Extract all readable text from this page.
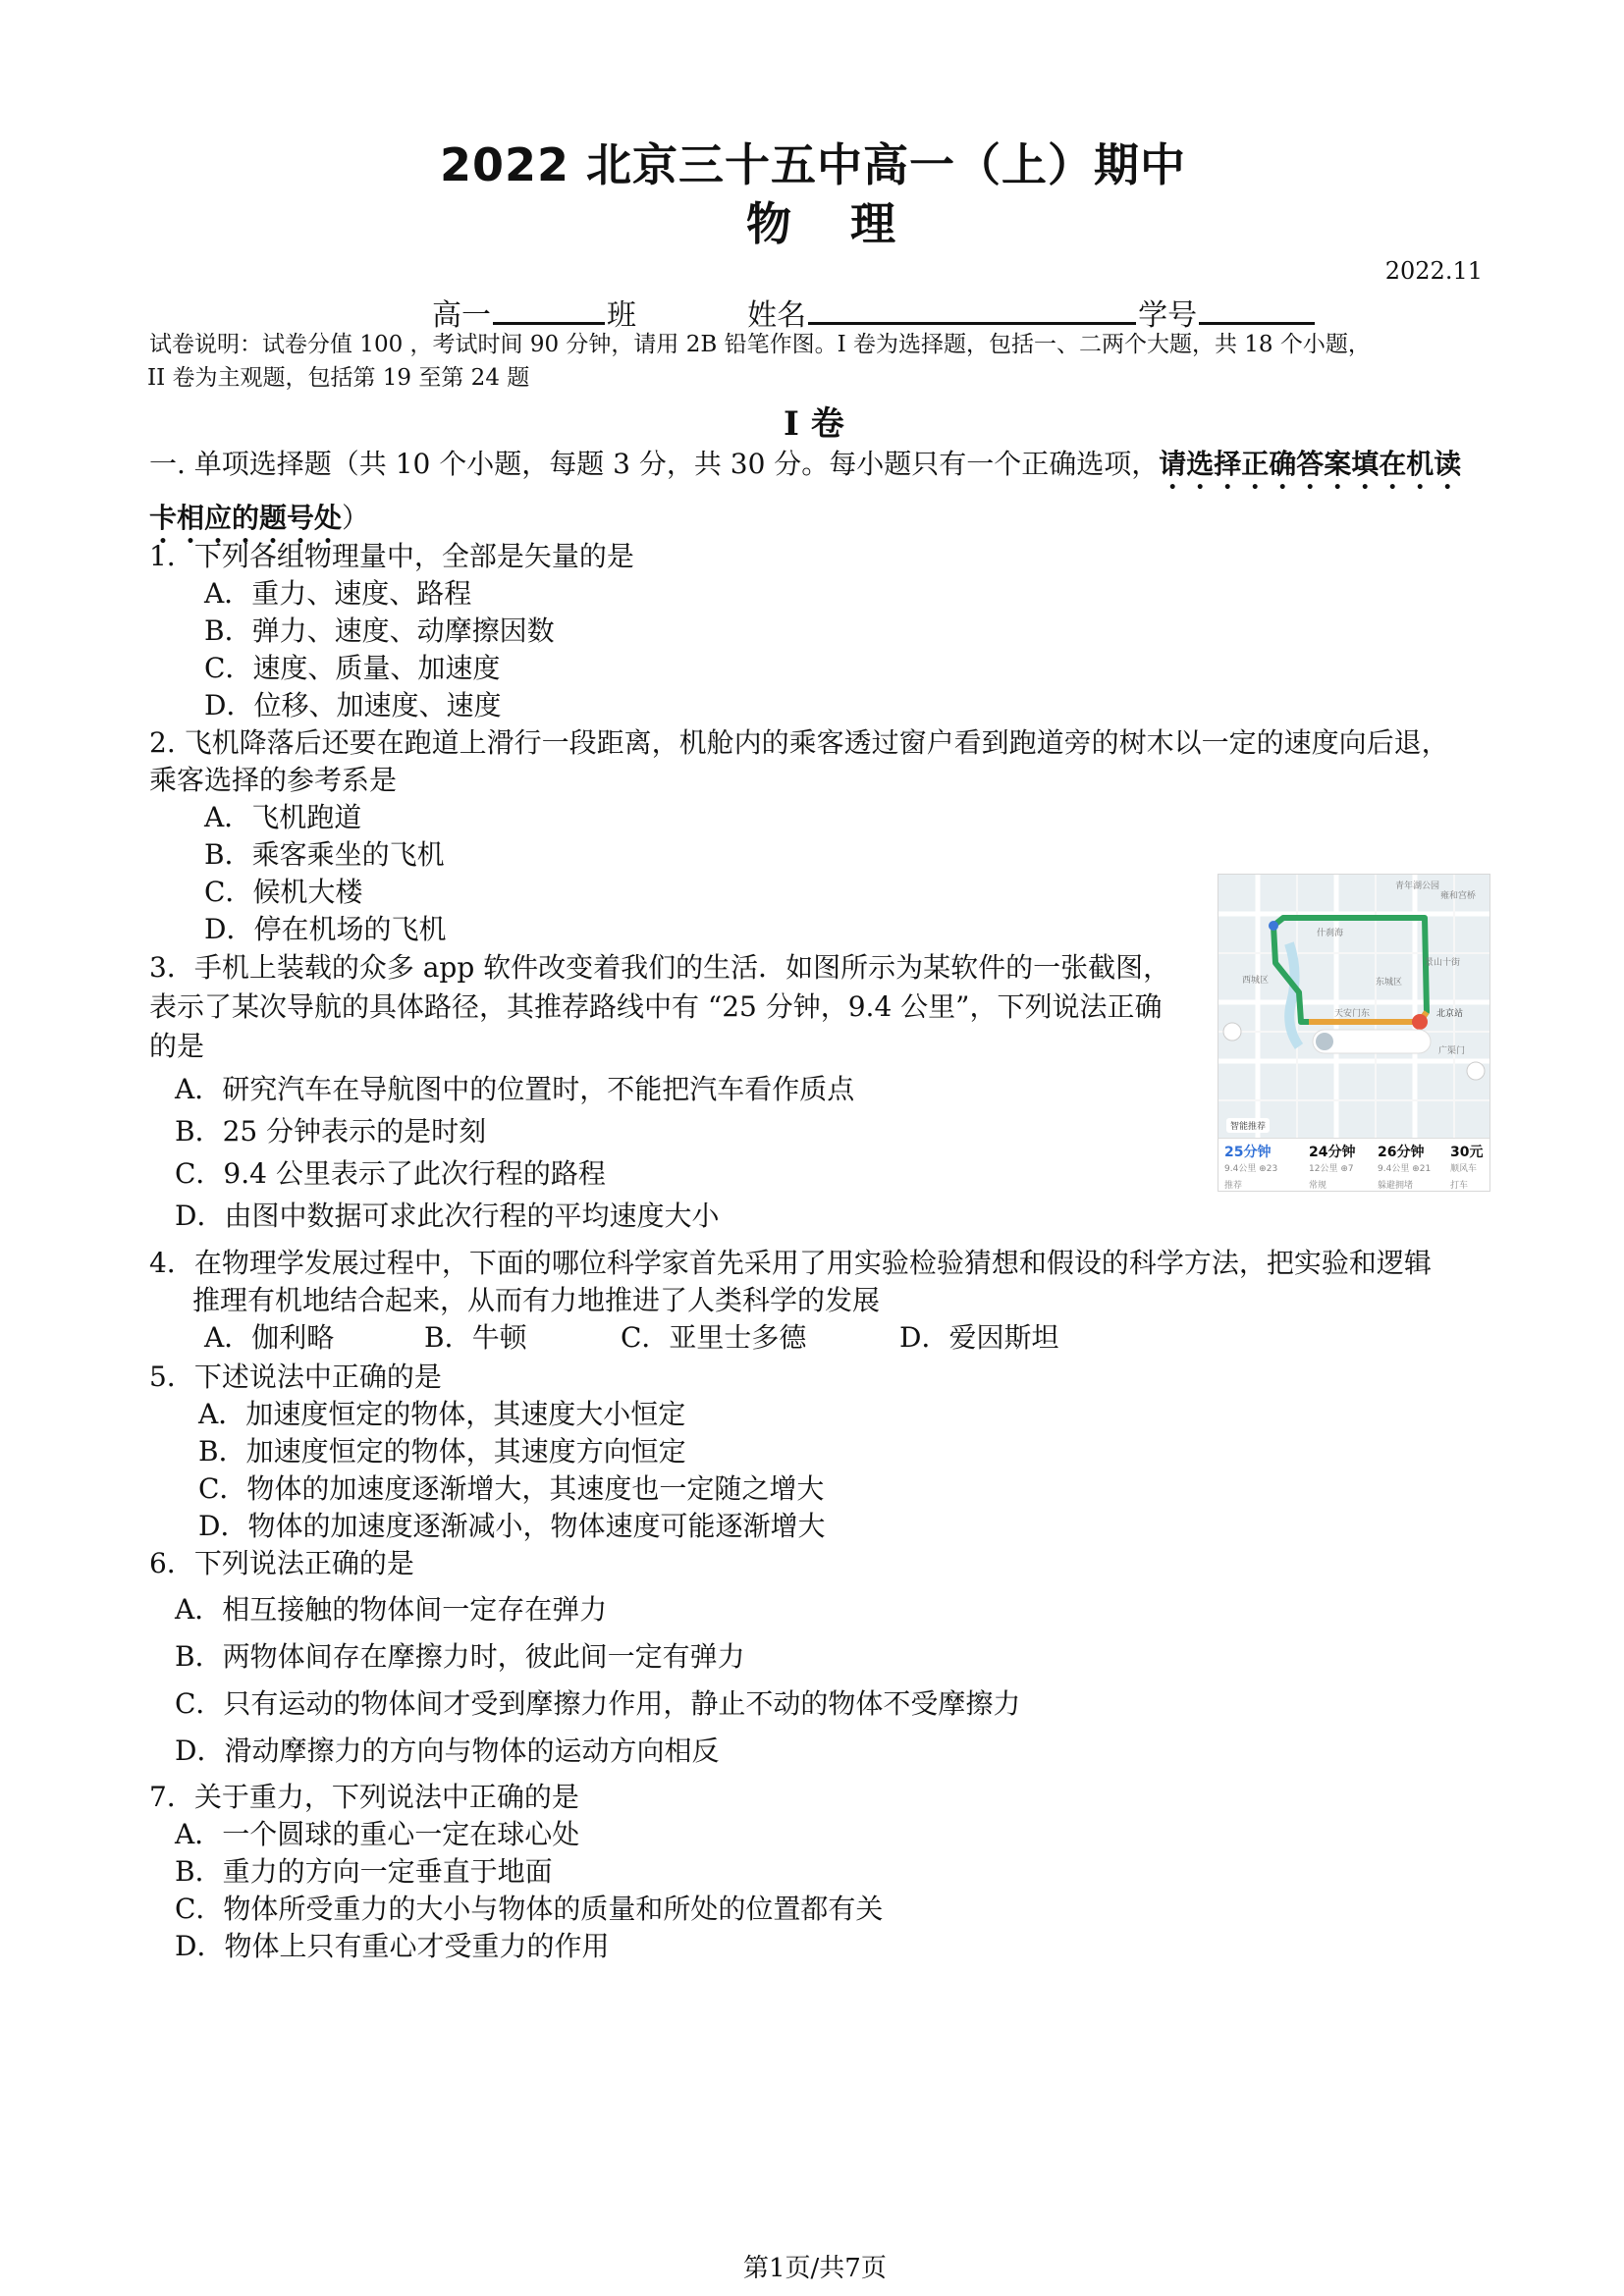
2022 北京三十五中高一（上）期中
物 理
2022.11
高一	班	姓名	学号
试卷说明：试卷分值 100 ，考试时间 90 分钟，请用 2B 铅笔作图。I 卷为选择题，包括一、二两个大题，共 18 个小题，
II 卷为主观题，包括第 19 至第 24 题
I 卷
一. 单项选择题（共 10 个小题，每题 3 分，共 30 分。每小题只有一个正确选项，请选择正确答案填在机读卡相应的题号处）
1．下列各组物理量中，全部是矢量的是
A．重力、速度、路程
B．弹力、速度、动摩擦因数
C．速度、质量、加速度
D．位移、加速度、速度
2. 飞机降落后还要在跑道上滑行一段距离，机舱内的乘客透过窗户看到跑道旁的树木以一定的速度向后退，
乘客选择的参考系是
A．飞机跑道
B．乘客乘坐的飞机
C．候机大楼
D．停在机场的飞机
青年湖公园
雍和宫桥
什刹海
景山十街
东城区
北京站
广渠门
天安门东
西城区
智能推荐
25分钟
9.4公里 ⊕23
推荐
24分钟
12公里 ⊕7
常规
26分钟
9.4公里 ⊕21
躲避拥堵
30元
顺风车
打车
3．手机上装载的众多 app 软件改变着我们的生活．如图所示为某软件的一张截图，
表示了某次导航的具体路径，其推荐路线中有 “25 分钟，9.4 公里”，下列说法正确
的是
A．研究汽车在导航图中的位置时，不能把汽车看作质点
B．25 分钟表示的是时刻
C．9.4 公里表示了此次行程的路程
D．由图中数据可求此次行程的平均速度大小
4．在物理学发展过程中，下面的哪位科学家首先采用了用实验检验猜想和假设的科学方法，把实验和逻辑
推理有机地结合起来，从而有力地推进了人类科学的发展
A．伽利略	B．牛顿	C．亚里士多德	D．爱因斯坦
5．下述说法中正确的是
A．加速度恒定的物体，其速度大小恒定
B．加速度恒定的物体，其速度方向恒定
C．物体的加速度逐渐增大，其速度也一定随之增大
D．物体的加速度逐渐减小，物体速度可能逐渐增大
6．下列说法正确的是
A．相互接触的物体间一定存在弹力
B．两物体间存在摩擦力时，彼此间一定有弹力
C．只有运动的物体间才受到摩擦力作用，静止不动的物体不受摩擦力
D．滑动摩擦力的方向与物体的运动方向相反
7．关于重力，下列说法中正确的是
A．一个圆球的重心一定在球心处
B．重力的方向一定垂直于地面
C．物体所受重力的大小与物体的质量和所处的位置都有关
D．物体上只有重心才受重力的作用
第1页/共7页
